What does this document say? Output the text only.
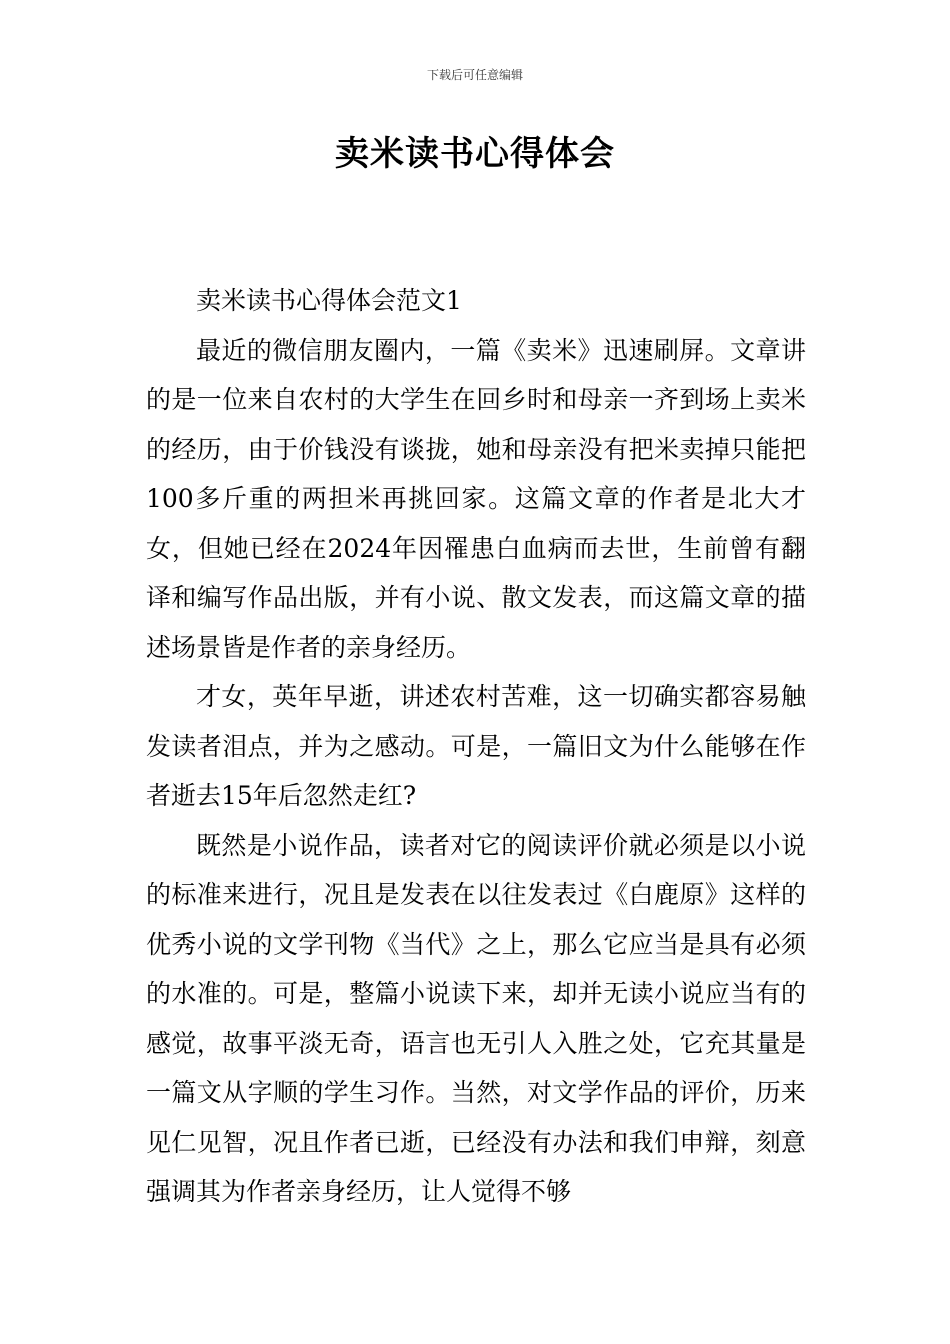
下载后可任意编辑
卖米读书心得体会

卖米读书心得体会范文1

最近的微信朋友圈内，一篇《卖米》迅速刷屏。文章讲的是一位来自农村的大学生在回乡时和母亲一齐到场上卖米的经历，由于价钱没有谈拢，她和母亲没有把米卖掉只能把100多斤重的两担米再挑回家。这篇文章的作者是北大才女，但她已经在2024年因罹患白血病而去世，生前曾有翻译和编写作品出版，并有小说、散文发表，而这篇文章的描述场景皆是作者的亲身经历。

才女，英年早逝，讲述农村苦难，这一切确实都容易触发读者泪点，并为之感动。可是，一篇旧文为什么能够在作者逝去15年后忽然走红?

既然是小说作品，读者对它的阅读评价就必须是以小说的标准来进行，况且是发表在以往发表过《白鹿原》这样的优秀小说的文学刊物《当代》之上，那么它应当是具有必须的水准的。可是，整篇小说读下来，却并无读小说应当有的感觉，故事平淡无奇，语言也无引人入胜之处，它充其量是一篇文从字顺的学生习作。当然，对文学作品的评价，历来见仁见智，况且作者已逝，已经没有办法和我们申辩，刻意强调其为作者亲身经历，让人觉得不够
